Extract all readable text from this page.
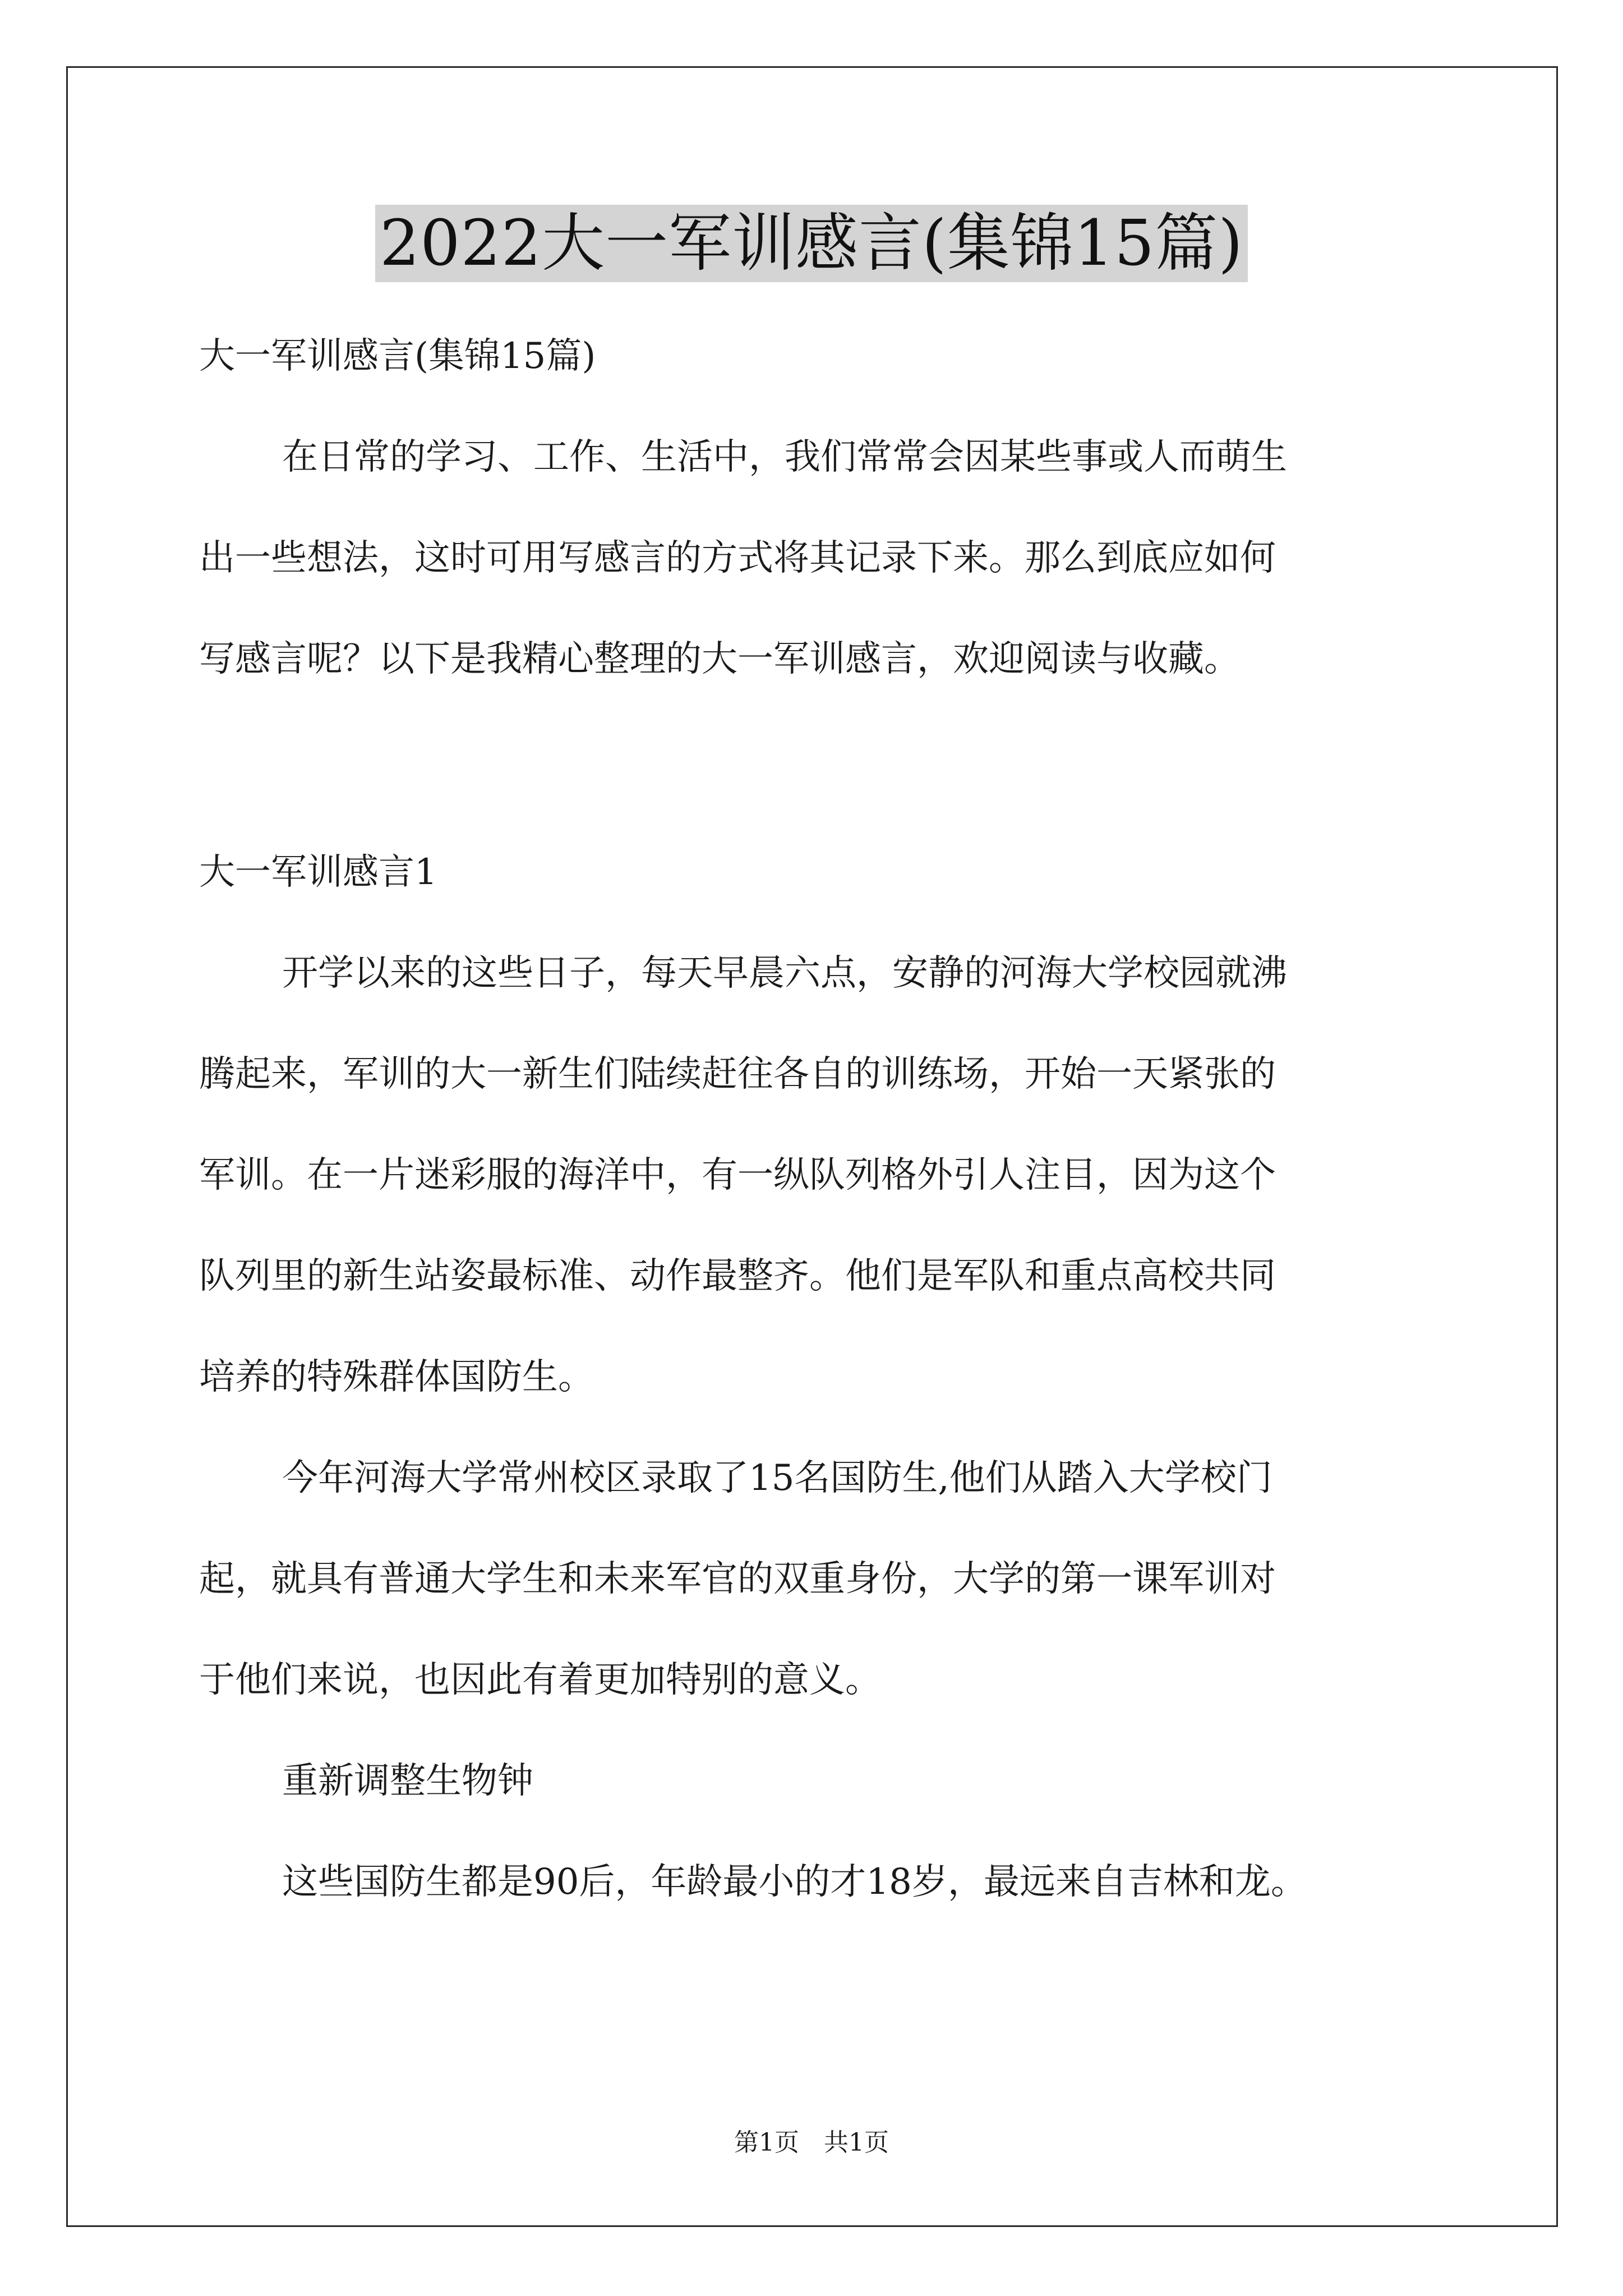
2022大一军训感言(集锦15篇)

大一军训感言(集锦15篇)

在日常的学习、工作、生活中，我们常常会因某些事或人而萌生

出一些想法，这时可用写感言的方式将其记录下来。那么到底应如何

写感言呢？以下是我精心整理的大一军训感言，欢迎阅读与收藏。

大一军训感言1

开学以来的这些日子，每天早晨六点，安静的河海大学校园就沸

腾起来，军训的大一新生们陆续赶往各自的训练场，开始一天紧张的

军训。在一片迷彩服的海洋中，有一纵队列格外引人注目，因为这个

队列里的新生站姿最标准、动作最整齐。他们是军队和重点高校共同

培养的特殊群体国防生。

今年河海大学常州校区录取了15名国防生,他们从踏入大学校门

起，就具有普通大学生和未来军官的双重身份，大学的第一课军训对

于他们来说，也因此有着更加特别的意义。

重新调整生物钟

这些国防生都是90后，年龄最小的才18岁，最远来自吉林和龙。

第1页　共1页
